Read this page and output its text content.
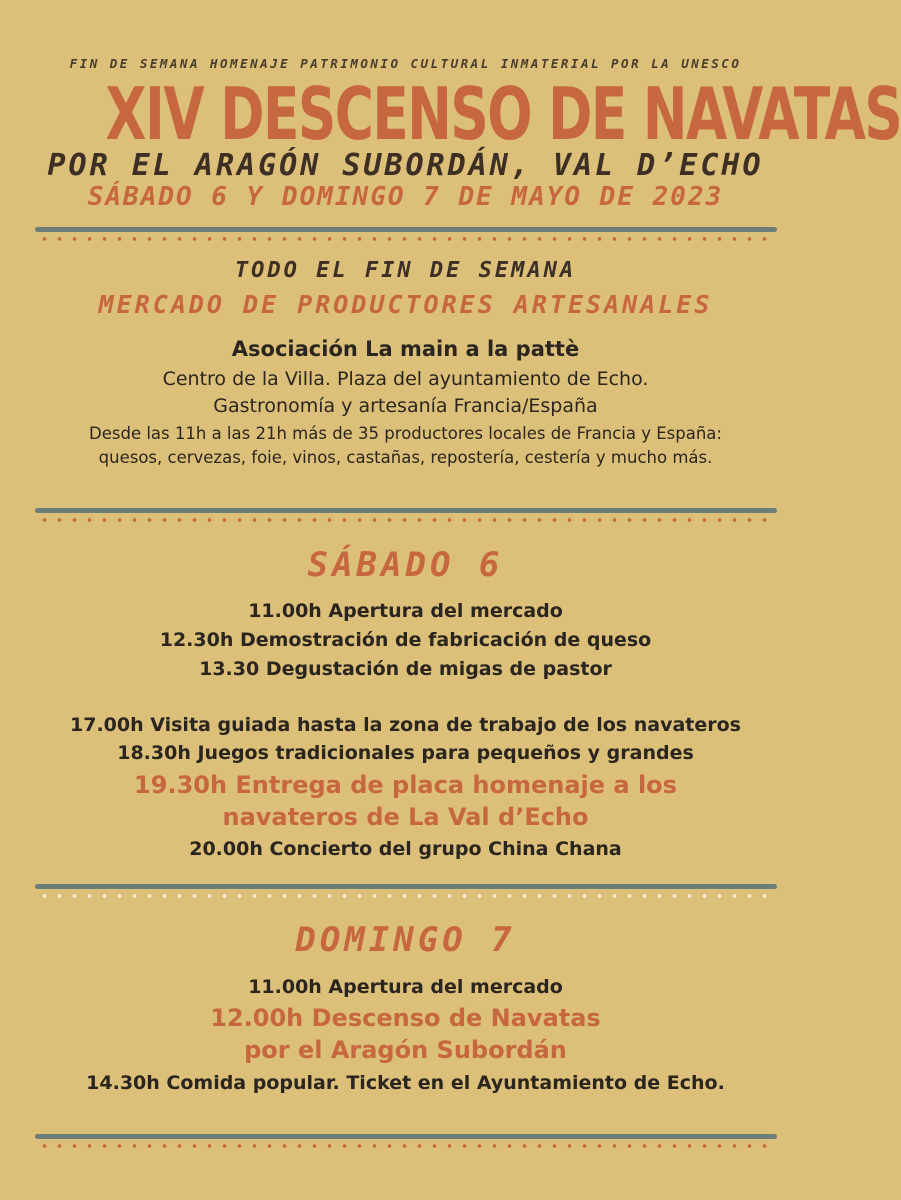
FIN DE SEMANA HOMENAJE PATRIMONIO CULTURAL INMATERIAL POR LA UNESCO
XIV DESCENSO DE NAVATAS
POR EL ARAGÓN SUBORDÁN, VAL D’ECHO
SÁBADO 6 Y DOMINGO 7 DE MAYO DE 2023
TODO EL FIN DE SEMANA
MERCADO DE PRODUCTORES ARTESANALES
Asociación La main a la pattè
Centro de la Villa. Plaza del ayuntamiento de Echo.
Gastronomía y artesanía Francia/España
Desde las 11h a las 21h más de 35 productores locales de Francia y España:
quesos, cervezas, foie, vinos, castañas, repostería, cestería y mucho más.
SÁBADO 6
11.00h Apertura del mercado
12.30h Demostración de fabricación de queso
13.30 Degustación de migas de pastor
17.00h Visita guiada hasta la zona de trabajo de los navateros
18.30h Juegos tradicionales para pequeños y grandes
19.30h Entrega de placa homenaje a los
navateros de La Val d’Echo
20.00h Concierto del grupo China Chana
DOMINGO 7
11.00h Apertura del mercado
12.00h Descenso de Navatas
por el Aragón Subordán
14.30h Comida popular. Ticket en el Ayuntamiento de Echo.
